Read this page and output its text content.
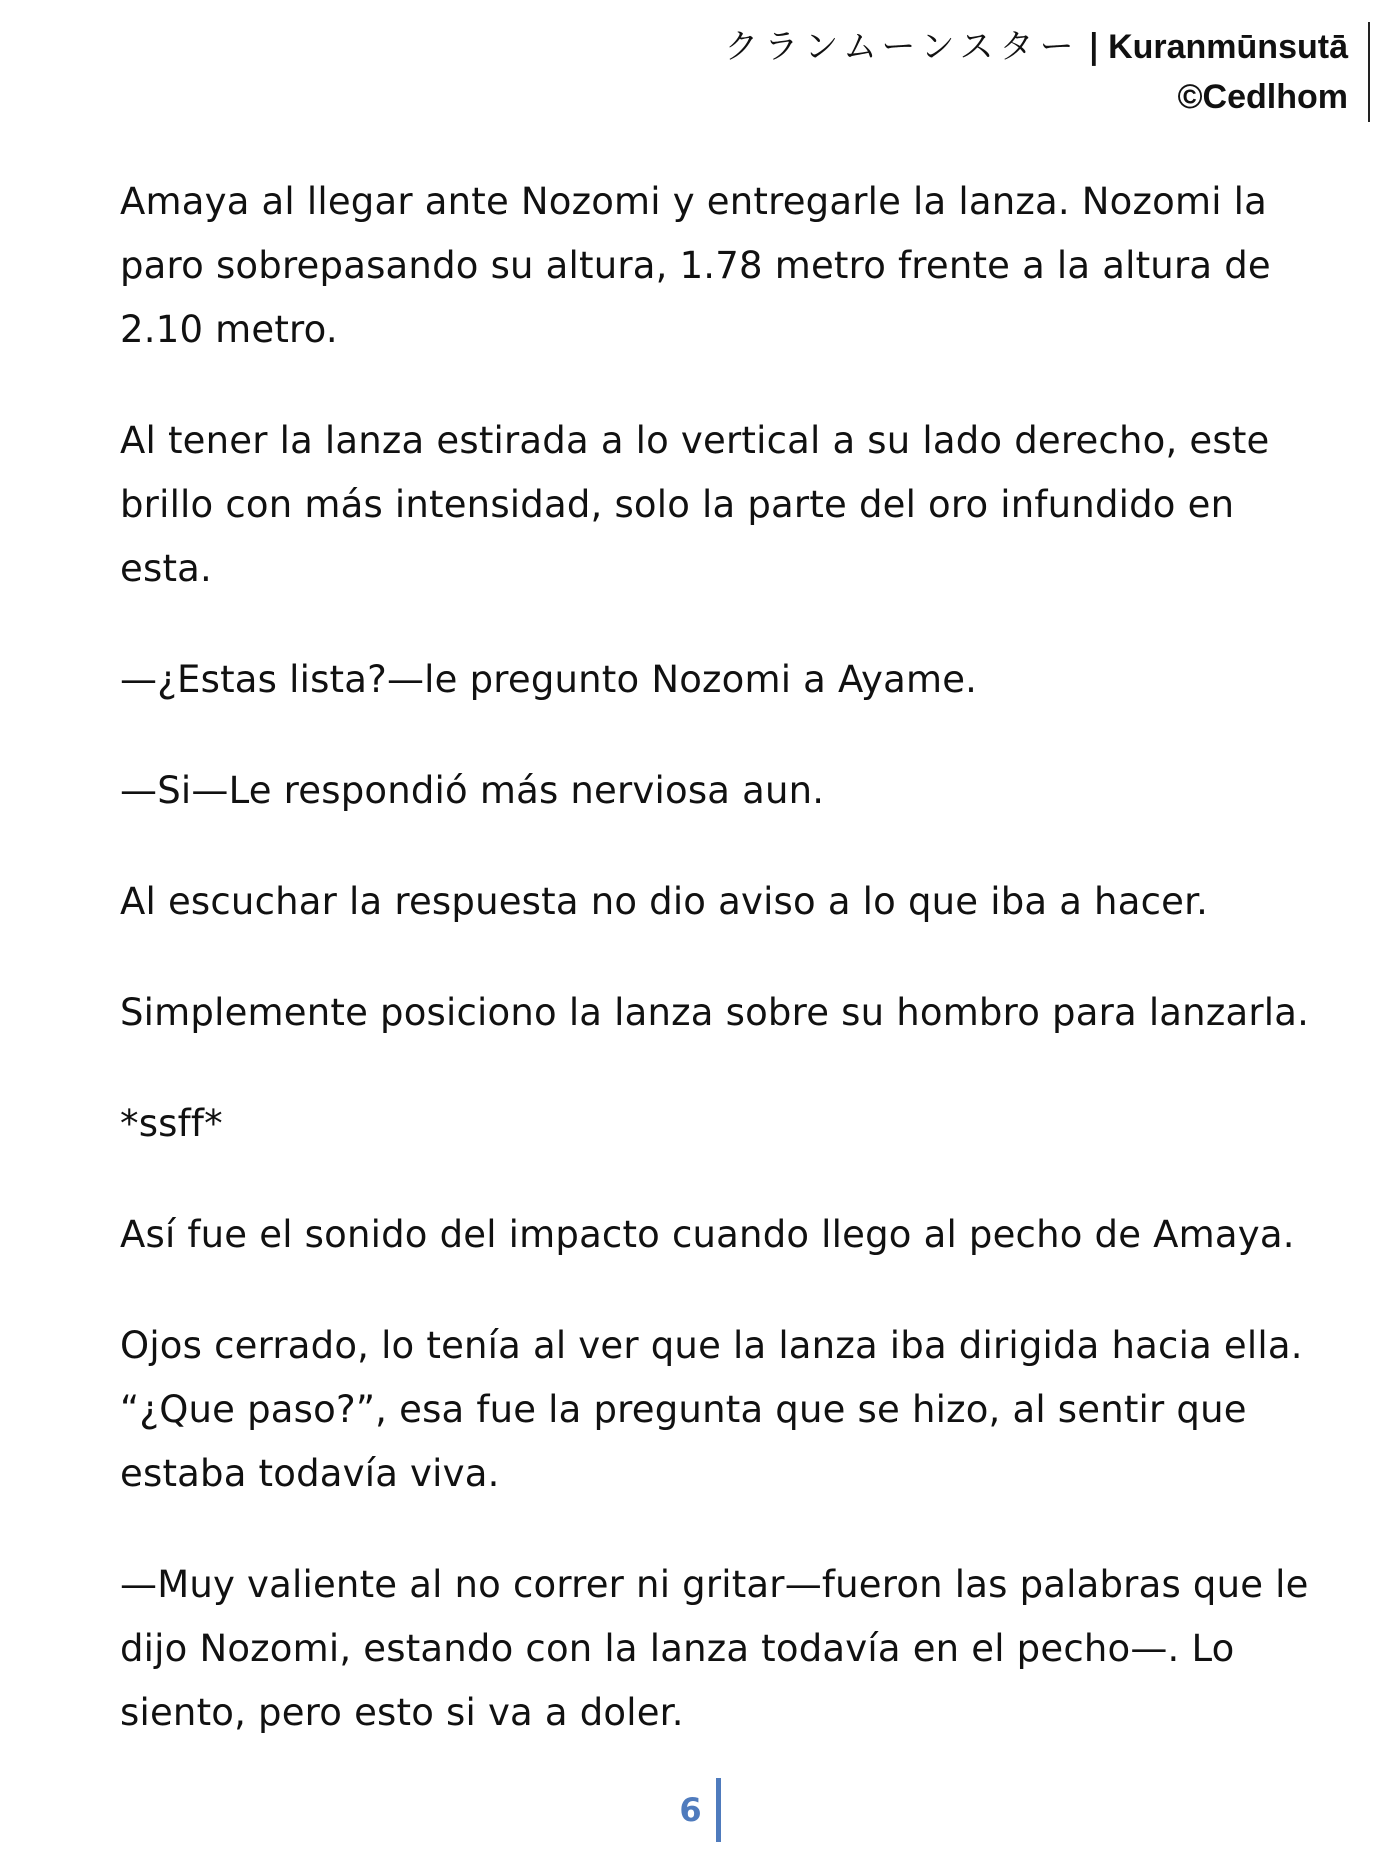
クランムーンスター | Kuranmūnsutā
©Cedlhom

Amaya al llegar ante Nozomi y entregarle la lanza. Nozomi la paro sobrepasando su altura, 1.78 metro frente a la altura de 2.10 metro.

Al tener la lanza estirada a lo vertical a su lado derecho, este brillo con más intensidad, solo la parte del oro infundido en esta.

—¿Estas lista?—le pregunto Nozomi a Ayame.

—Si—Le respondió más nerviosa aun.

Al escuchar la respuesta no dio aviso a lo que iba a hacer.

Simplemente posiciono la lanza sobre su hombro para lanzarla.

*ssff*

Así fue el sonido del impacto cuando llego al pecho de Amaya.

Ojos cerrado, lo tenía al ver que la lanza iba dirigida hacia ella. “¿Que paso?”, esa fue la pregunta que se hizo, al sentir que estaba todavía viva.

—Muy valiente al no correr ni gritar—fueron las palabras que le dijo Nozomi, estando con la lanza todavía en el pecho—. Lo siento, pero esto si va a doler.

6
